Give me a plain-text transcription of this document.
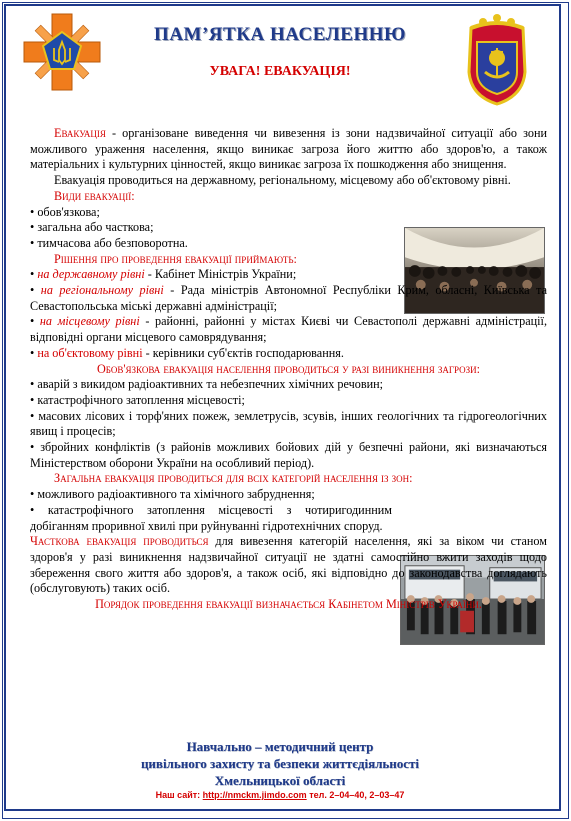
ПАМ’ЯТКА НАСЕЛЕННЮ
УВАГА! ЕВАКУАЦІЯ!

Евакуація - організоване виведення чи вивезення із зони надзвичайної ситуації або зони можливого ураження населення, якщо виникає загроза його життю або здоров'ю, а також матеріальних і культурних цінностей, якщо виникає загроза їх пошкодження або знищення.

Евакуація проводиться на державному, регіональному, місцевому або об'єктовому рівні.

Види евакуації:

• обов'язкова;

• загальна або часткова;

• тимчасова або безповоротна.

Рішення про проведення евакуації приймають:

• на державному рівні - Кабінет Міністрів України;

• на регіональному рівні - Рада міністрів Автономної Республіки Крим, обласні, Київська та Севастопольська міські державні адміністрації;

• на місцевому рівні - районні, районні у містах Києві чи Севастополі державні адміністрації, відповідні органи місцевого самоврядування;

• на об'єктовому рівні - керівники суб'єктів господарювання.

Обов'язкова евакуація населення проводиться у разі виникнення загрози:

• аварій з викидом радіоактивних та небезпечних хімічних речовин;

• катастрофічного затоплення місцевості;

• масових лісових і торф'яних пожеж, землетрусів, зсувів, інших геологічних та гідрогеологічних явищ і процесів;

• збройних конфліктів (з районів можливих бойових дій у безпечні райони, які визначаються Міністерством оборони України на особливий період).

Загальна евакуація проводиться для всіх категорій населення із зон:

• можливого радіоактивного та хімічного забруднення;

• катастрофічного затоплення місцевості з чотиригодинним добіганням проривної хвилі при руйнуванні гідротехнічних споруд.

Часткова евакуація проводиться для вивезення категорій населення, які за віком чи станом здоров'я у разі виникнення надзвичайної ситуації не здатні самостійно вжити заходів щодо збереження свого життя або здоров'я, а також осіб, які відповідно до законодавства доглядають (обслуговують) таких осіб.

Порядок проведення евакуації визначається Кабінетом Міністрів України.

Навчально – методичний центр
цивільного захисту та безпеки життєдіяльності
Хмельницької області
Наш сайт: http://nmckm.jimdo.com тел. 2–04–40, 2–03–47
